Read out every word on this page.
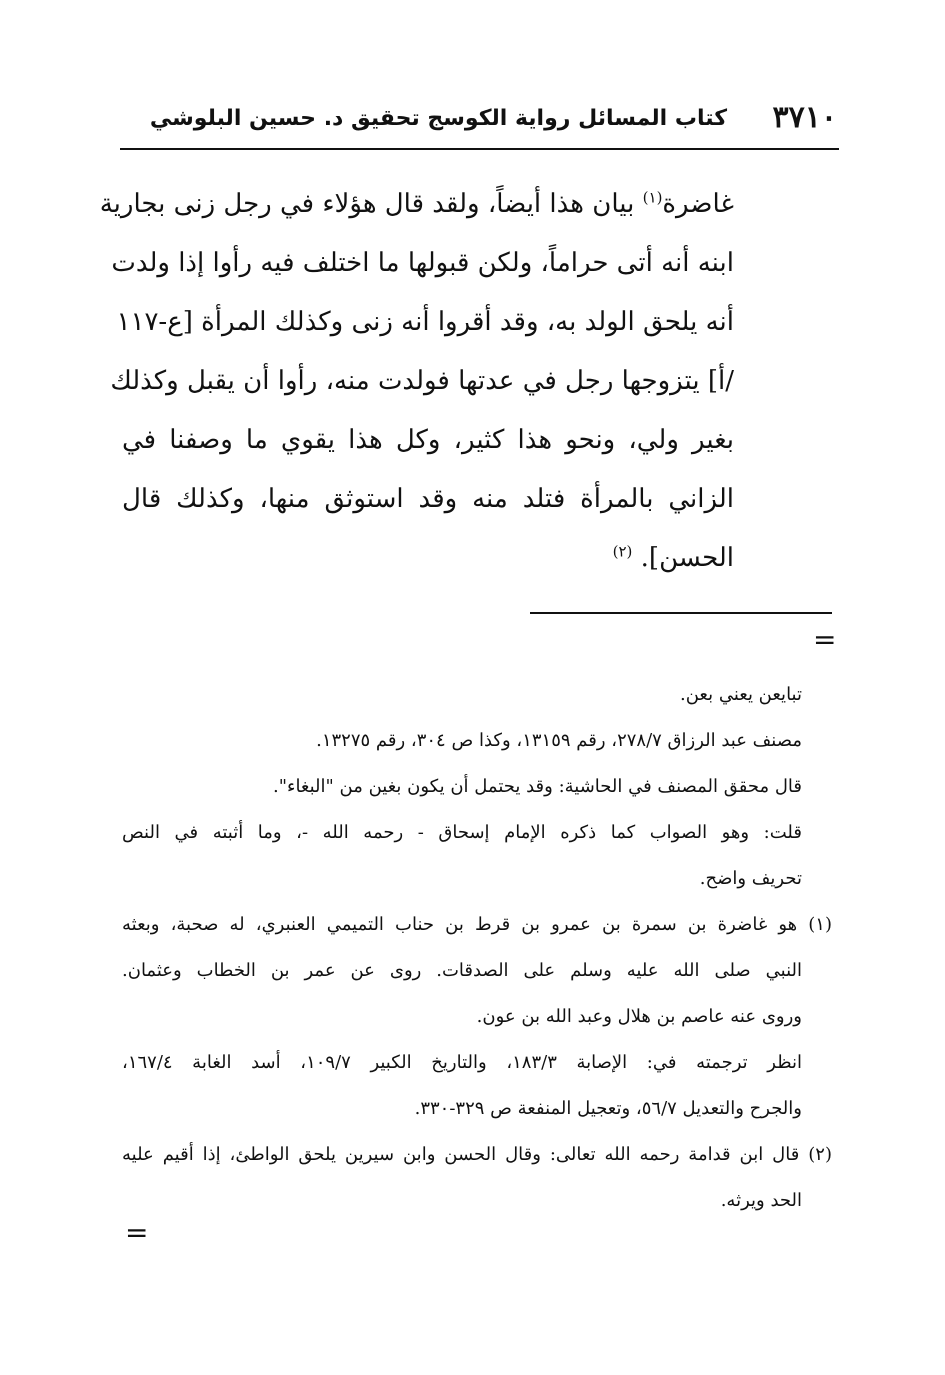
٣٧١٠
كتاب المسائل رواية الكوسج تحقيق د. حسين البلوشي
غاضرة$^{(١)}$ بيان هذا أيضاً، ولقد قال هؤلاء في رجل زنى بجارية
ابنه أنه أتى حراماً، ولكن قبولها ما اختلف فيه رأوا إذا ولدت
أنه يلحق الولد به، وقد أقروا أنه زنى وكذلك المرأة [ع-١١٧
/أ] يتزوجها رجل في عدتها فولدت منه، رأوا أن يقبل وكذلك
بغير ولي، ونحو هذا كثير، وكل هذا يقوي ما وصفنا في
الزاني بالمرأة فتلد منه وقد استوثق منها، وكذلك قال
الحسن]. $^{(٢)}$
=
تبايعن يعني بعن.
مصنف عبد الرزاق ٢٧٨/٧، رقم ١٣١٥٩، وكذا ص ٣٠٤، رقم ١٣٢٧٥.
قال محقق المصنف في الحاشية: وقد يحتمل أن يكون بغين من "البغاء".
قلت: وهو الصواب كما ذكره الإمام إسحاق - رحمه الله -، وما أثبته في النص
تحريف واضح.
(١) هو غاضرة بن سمرة بن عمرو بن قرط بن حناب التميمي العنبري، له صحبة، وبعثه
النبي صلى الله عليه وسلم على الصدقات. روى عن عمر بن الخطاب وعثمان.
وروى عنه عاصم بن هلال وعبد الله بن عون.
انظر ترجمته في: الإصابة ١٨٣/٣، والتاريخ الكبير ١٠٩/٧، أسد الغابة ١٦٧/٤،
والجرح والتعديل ٥٦/٧، وتعجيل المنفعة ص ٣٢٩-٣٣٠.
(٢) قال ابن قدامة رحمه الله تعالى: وقال الحسن وابن سيرين يلحق الواطئ، إذا أقيم عليه
الحد ويرثه.
=
